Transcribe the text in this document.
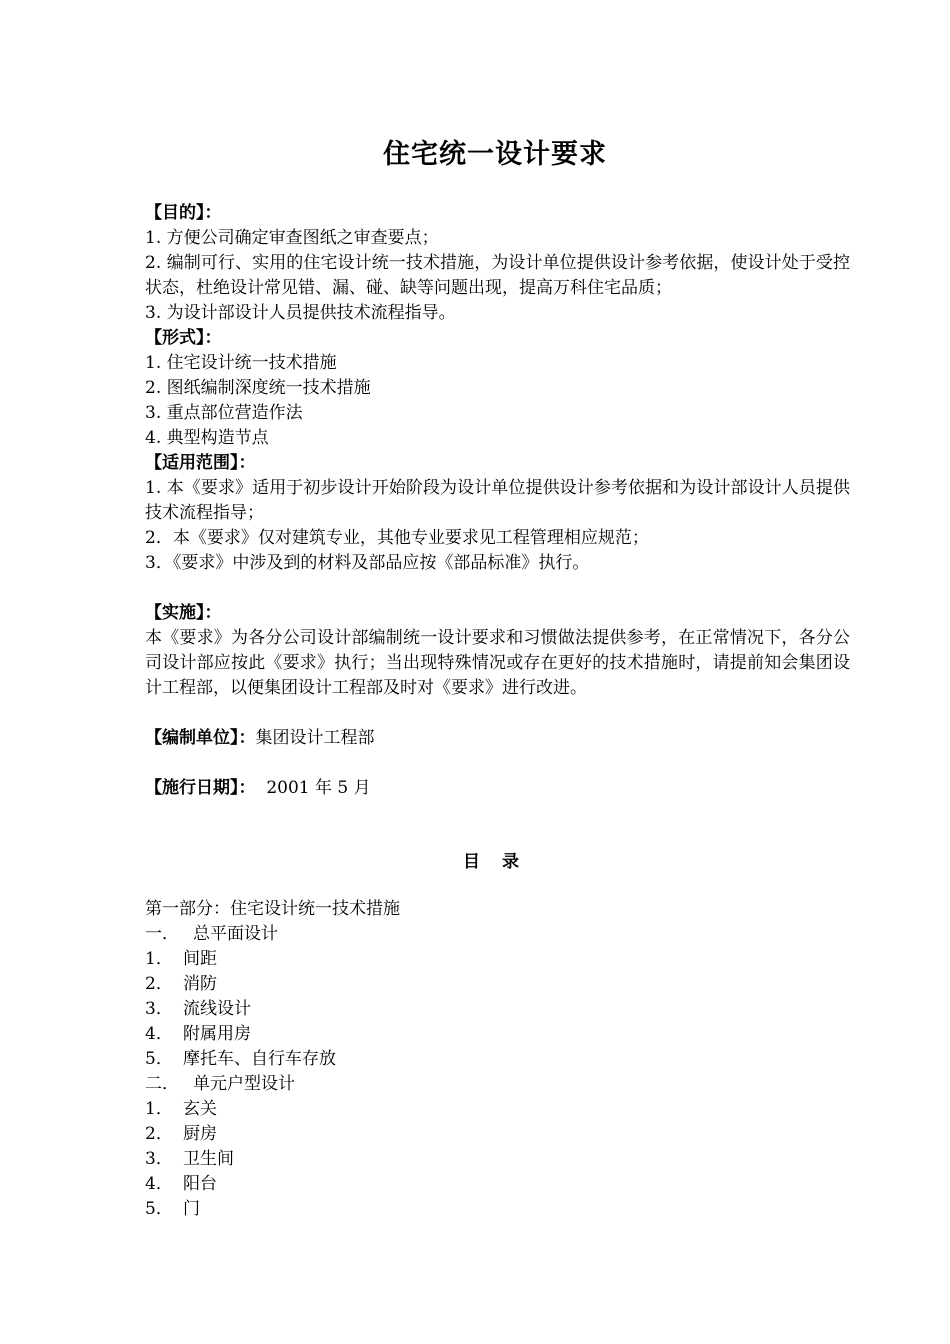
住宅统一设计要求
【目的】：
1. 方便公司确定审查图纸之审查要点；
2. 编制可行、实用的住宅设计统一技术措施，为设计单位提供设计参考依据，使设计处于受控状态，杜绝设计常见错、漏、碰、缺等问题出现，提高万科住宅品质；
3. 为设计部设计人员提供技术流程指导。
【形式】：
1. 住宅设计统一技术措施
2. 图纸编制深度统一技术措施
3. 重点部位营造作法
4. 典型构造节点
【适用范围】：
1. 本《要求》适用于初步设计开始阶段为设计单位提供设计参考依据和为设计部设计人员提供技术流程指导；
2．本《要求》仅对建筑专业，其他专业要求见工程管理相应规范；
3．《要求》中涉及到的材料及部品应按《部品标准》执行。
【实施】：
本《要求》为各分公司设计部编制统一设计要求和习惯做法提供参考，在正常情况下，各分公司设计部应按此《要求》执行；当出现特殊情况或存在更好的技术措施时，请提前知会集团设计工程部，以便集团设计工程部及时对《要求》进行改进。
【编制单位】：集团设计工程部
【施行日期】： 2001 年 5 月
目 录
第一部分：住宅设计统一技术措施
一． 总平面设计
1． 间距
2． 消防
3． 流线设计
4． 附属用房
5． 摩托车、自行车存放
二． 单元户型设计
1． 玄关
2． 厨房
3． 卫生间
4． 阳台
5． 门
